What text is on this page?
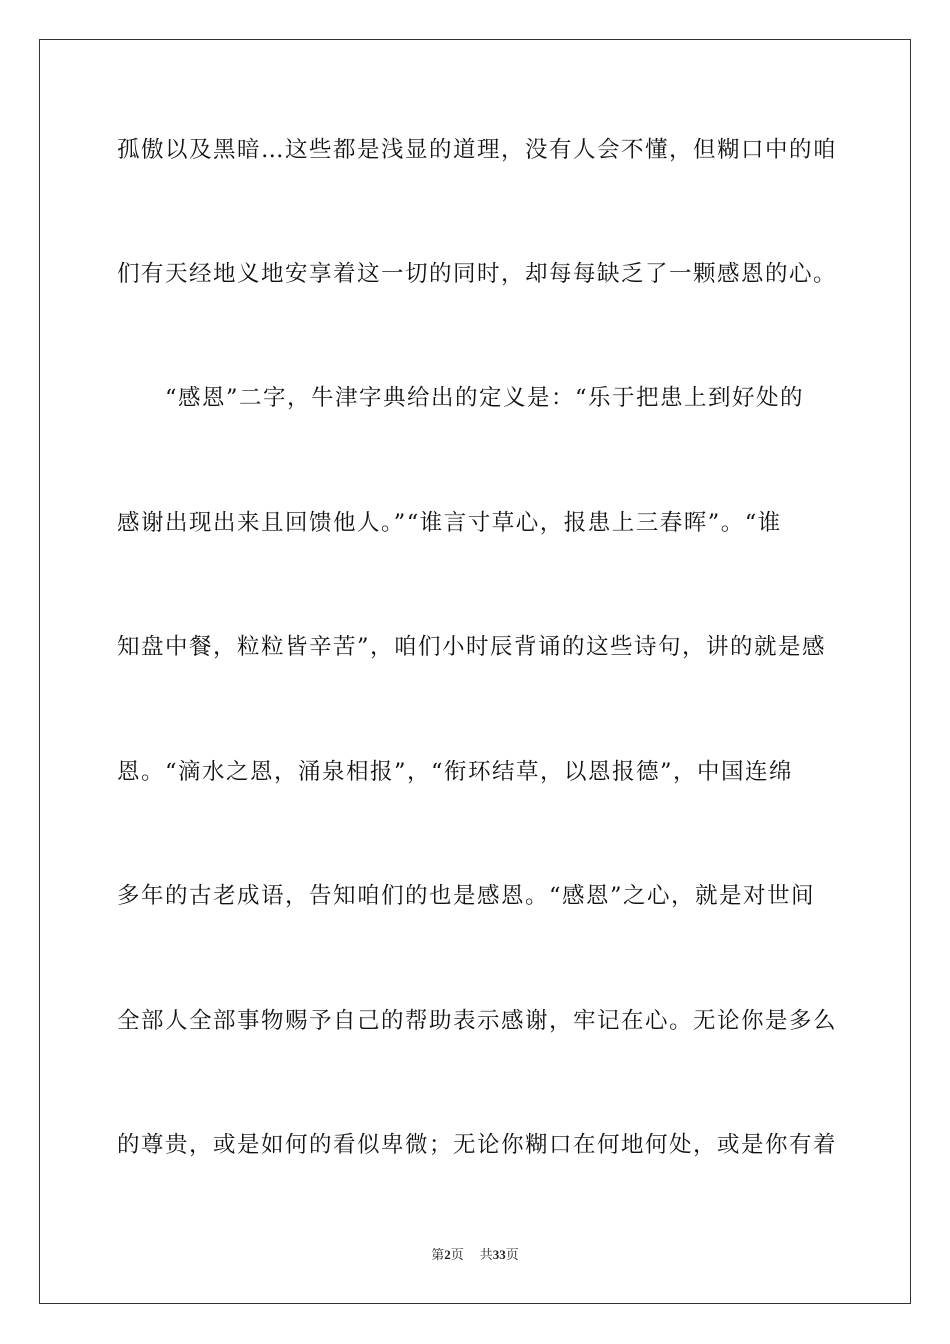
孤傲以及黑暗…这些都是浅显的道理，没有人会不懂，但糊口中的咱
们有天经地义地安享着这一切的同时，却每每缺乏了一颗感恩的心。
“感恩”二字，牛津字典给出的定义是：“乐于把患上到好处的
感谢出现出来且回馈他人。”“谁言寸草心，报患上三春晖”。“谁
知盘中餐，粒粒皆辛苦”，咱们小时辰背诵的这些诗句，讲的就是感
恩。“滴水之恩，涌泉相报”，“衔环结草，以恩报德”，中国连绵
多年的古老成语，告知咱们的也是感恩。“感恩”之心，就是对世间
全部人全部事物赐予自己的帮助表示感谢，牢记在心。无论你是多么
的尊贵，或是如何的看似卑微；无论你糊口在何地何处，或是你有着
第2页 共33页
